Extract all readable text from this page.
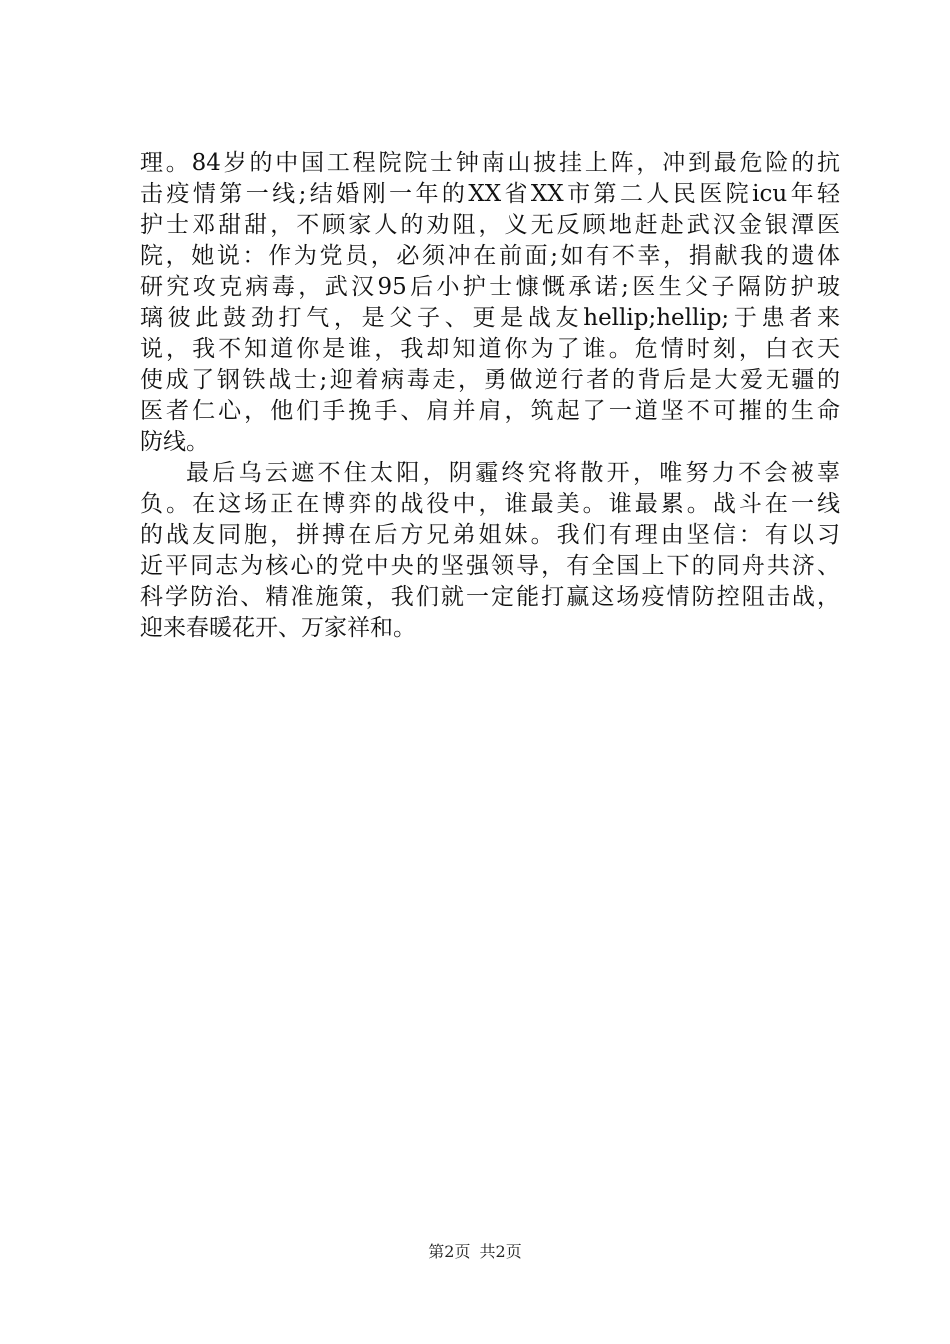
理。84岁的中国工程院院士钟南山披挂上阵，冲到最危险的抗
击疫情第一线;结婚刚一年的XX省XX市第二人民医院icu年轻
护士邓甜甜，不顾家人的劝阻，义无反顾地赶赴武汉金银潭医
院，她说：作为党员，必须冲在前面;如有不幸，捐献我的遗体
研究攻克病毒，武汉95后小护士慷慨承诺;医生父子隔防护玻
璃彼此鼓劲打气，是父子、更是战友hellip;hellip;于患者来
说，我不知道你是谁，我却知道你为了谁。危情时刻，白衣天
使成了钢铁战士;迎着病毒走，勇做逆行者的背后是大爱无疆的
医者仁心，他们手挽手、肩并肩，筑起了一道坚不可摧的生命
防线。
最后乌云遮不住太阳，阴霾终究将散开，唯努力不会被辜
负。在这场正在博弈的战役中，谁最美。谁最累。战斗在一线
的战友同胞，拼搏在后方兄弟姐妹。我们有理由坚信：有以习
近平同志为核心的党中央的坚强领导，有全国上下的同舟共济、
科学防治、精准施策，我们就一定能打赢这场疫情防控阻击战，
迎来春暖花开、万家祥和。
第2页 共2页
